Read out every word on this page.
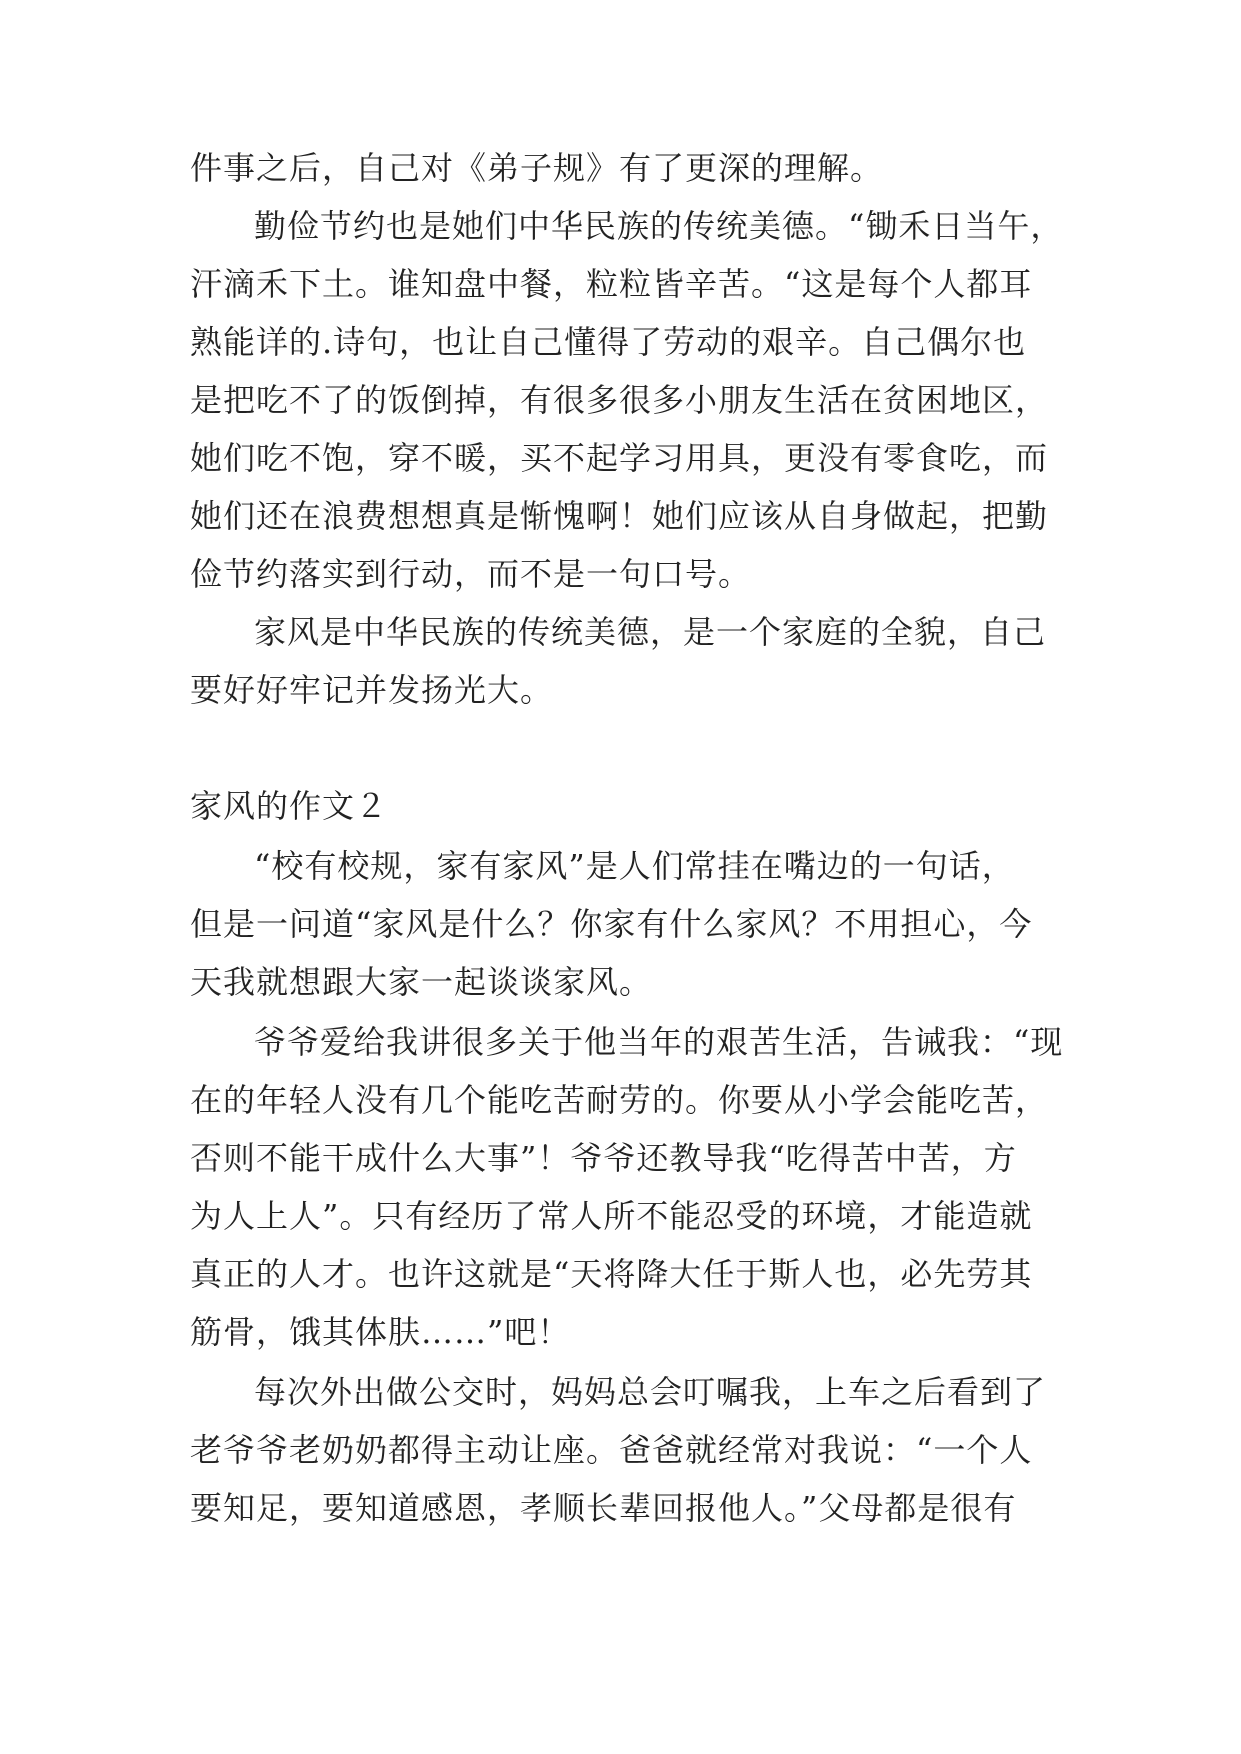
件事之后，自己对《弟子规》有了更深的理解。
勤俭节约也是她们中华民族的传统美德。“锄禾日当午，
汗滴禾下土。谁知盘中餐，粒粒皆辛苦。“这是每个人都耳
熟能详的.诗句，也让自己懂得了劳动的艰辛。自己偶尔也
是把吃不了的饭倒掉，有很多很多小朋友生活在贫困地区，
她们吃不饱，穿不暖，买不起学习用具，更没有零食吃，而
她们还在浪费想想真是惭愧啊！她们应该从自身做起，把勤
俭节约落实到行动，而不是一句口号。
家风是中华民族的传统美德，是一个家庭的全貌，自己
要好好牢记并发扬光大。
家风的作文２
“校有校规，家有家风”是人们常挂在嘴边的一句话，
但是一问道“家风是什么？你家有什么家风？不用担心，今
天我就想跟大家一起谈谈家风。
爷爷爱给我讲很多关于他当年的艰苦生活，告诫我：“现
在的年轻人没有几个能吃苦耐劳的。你要从小学会能吃苦，
否则不能干成什么大事”！爷爷还教导我“吃得苦中苦，方
为人上人”。只有经历了常人所不能忍受的环境，才能造就
真正的人才。也许这就是“天将降大任于斯人也，必先劳其
筋骨，饿其体肤……”吧！
每次外出做公交时，妈妈总会叮嘱我，上车之后看到了
老爷爷老奶奶都得主动让座。爸爸就经常对我说：“一个人
要知足，要知道感恩，孝顺长辈回报他人。”父母都是很有
